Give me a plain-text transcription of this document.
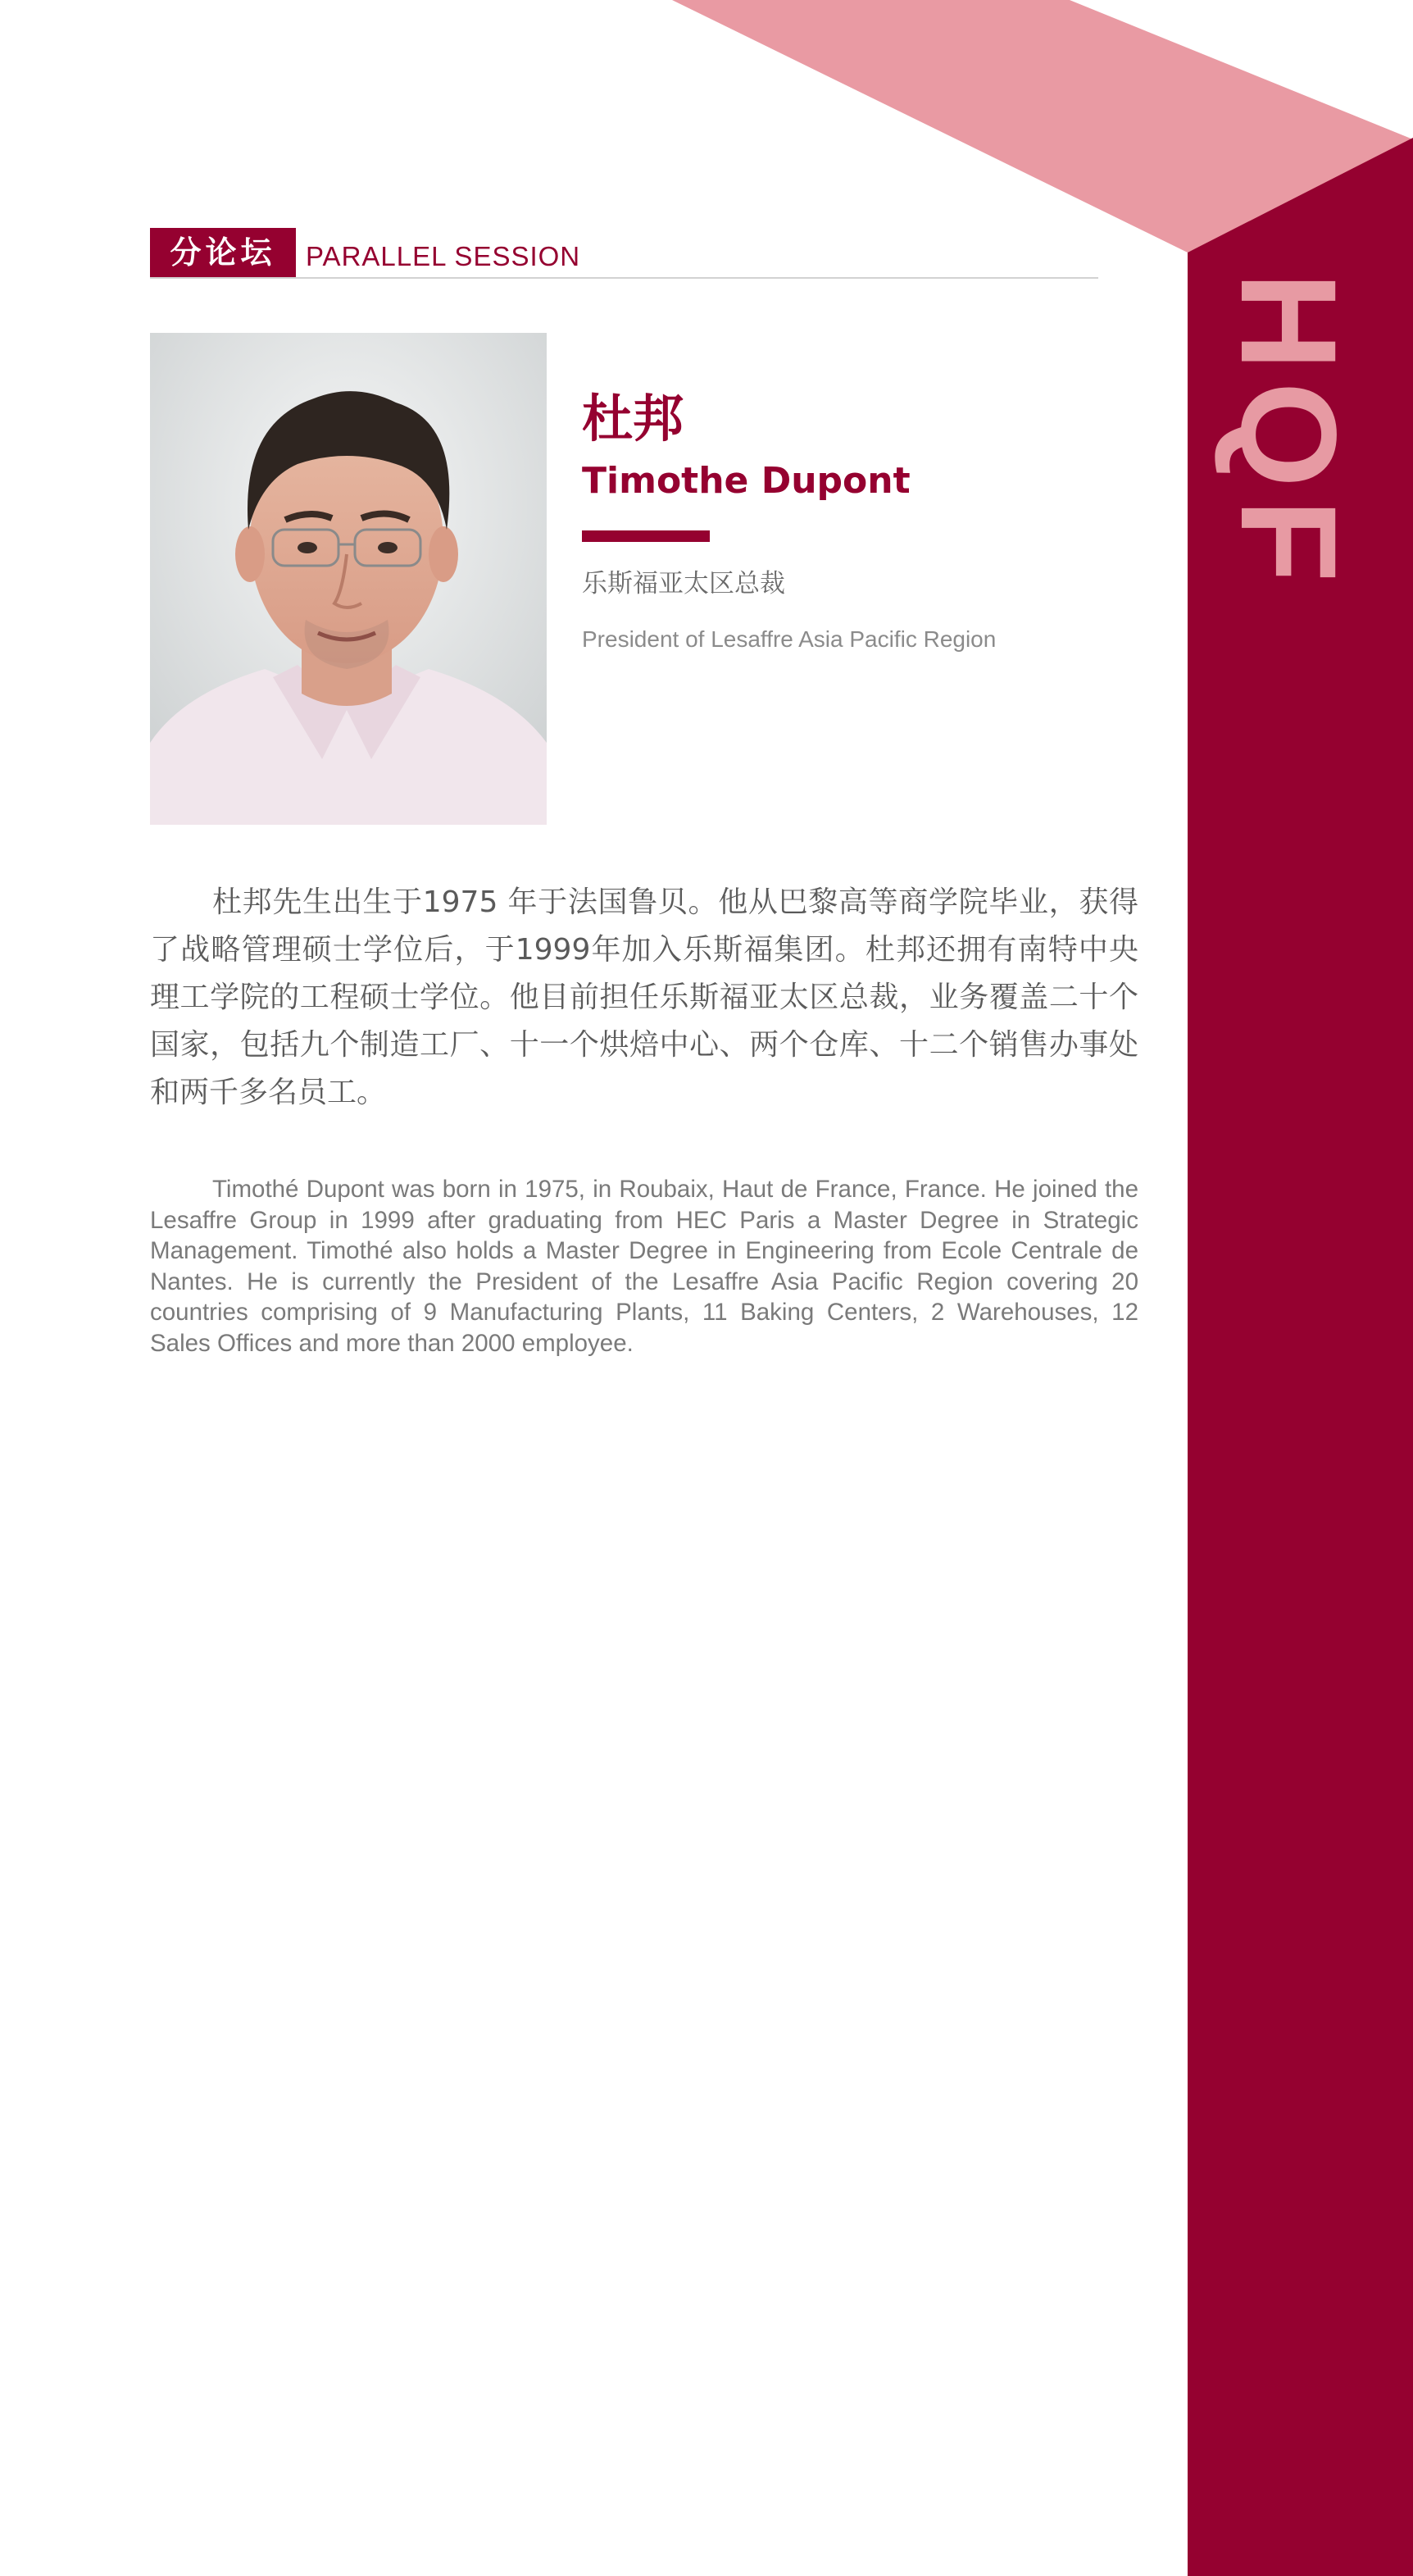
HQF
分论坛	PARALLEL SESSION
杜邦
Timothe Dupont
乐斯福亚太区总裁
President of Lesaffre Asia Pacific Region

杜邦先生出生于1975 年于法国鲁贝。他从巴黎高等商学院毕业，获得了战略管理硕士学位后，于1999年加入乐斯福集团。杜邦还拥有南特中央理工学院的工程硕士学位。他目前担任乐斯福亚太区总裁，业务覆盖二十个国家，包括九个制造工厂、十一个烘焙中心、两个仓库、十二个销售办事处和两千多名员工。

Timothé Dupont was born in 1975, in Roubaix, Haut de France, France. He joined the Lesaffre Group in 1999 after graduating from HEC Paris a Master Degree in Strategic Management. Timothé also holds a Master Degree in Engineering from Ecole Centrale de Nantes. He is currently the President of the Lesaffre Asia Pacific Region covering 20 countries comprising of 9 Manufacturing Plants, 11 Baking Centers, 2 Warehouses, 12 Sales Offices and more than 2000 employee.
